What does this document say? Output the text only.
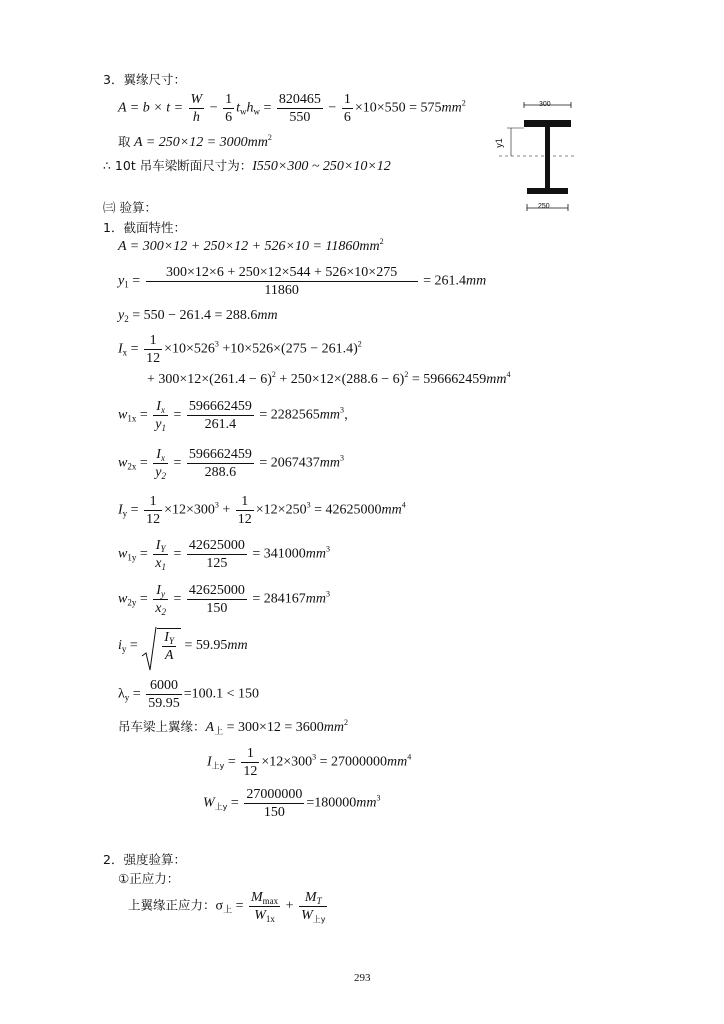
3．翼缘尺寸：
$A = b \times t = \frac{W}{h} - \frac{1}{6} t_wh_w = \frac{820465}{550} - \frac{1}{6} \times 10\times 550 = 575mm^2$
取 $A = 250\times 12 = 3000mm^2$
∴ 10t 吊车梁断面尺寸为：I550×300 ~ 250×10×12
300
250
y1
㈢ 验算：
1．截面特性：
$A = 300\times 12 + 250\times 12 + 526\times 10 = 11860mm^2$
$y_1 = \frac{300\times 12\times 6 + 250\times 12\times 544 + 526\times 10\times 275}{11860} = 261.4mm$
$y_2 = 550 - 261.4 = 288.6mm$
$I_x = \frac{1}{12} \times 10\times 526^3 +10\times 526\times(275 - 261.4)^2$
+ $300\times 12\times(261.4 - 6)^2 + 250\times 12\times(288.6 - 6)^2 = 596662459mm^4$
$w_{1x} = \frac{I_x}{y_1} = \frac{596662459}{261.4} = 2282565mm^3$，
$w_{2x} = \frac{I_x}{y_2} = \frac{596662459}{288.6} = 2067437mm^3$
$I_y = \frac{1}{12} \times 12\times 300^3 + \frac{1}{12} \times 12\times 250^3 = 42625000mm^4$
$w_{1y} = \frac{I_Y}{x_1} = \frac{42625000}{125} = 341000mm^3$
$w_{2y} = \frac{I_y}{x_2} = \frac{42625000}{150} = 284167mm^3$
$i_y = \frac{I_Y}{A} = 59.95mm$
$\lambda_y = \frac{6000}{59.95} =100.1 < 150$
吊车梁上翼缘：$A_上 = 300\times 12 = 3600mm^2$
$I_{上y} = \frac{1}{12} \times 12\times 300^3 = 27000000mm^4$
$W_{上y} = \frac{27000000}{150} =180000mm^3$
2．强度验算：
①正应力：
上翼缘正应力：$\sigma_上 = \frac{M_{max}}{W_{1x}} + \frac{M_T}{W_{上y}}$
293
